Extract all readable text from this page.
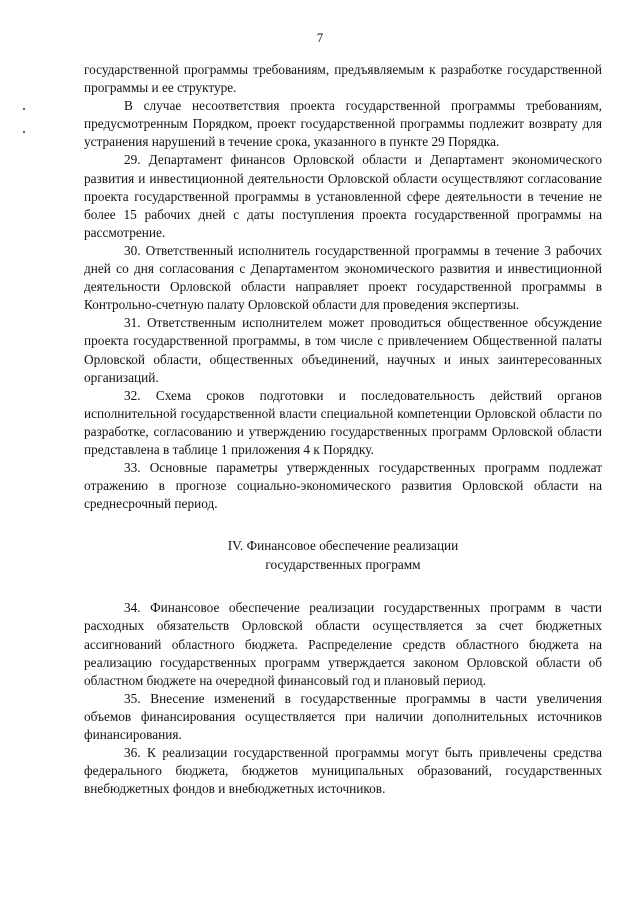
7

государственной программы требованиям, предъявляемым к разработке государственной программы и ее структуре.

В случае несоответствия проекта государственной программы требованиям, предусмотренным Порядком, проект государственной программы подлежит возврату для устранения нарушений в течение срока, указанного в пункте 29 Порядка.

29. Департамент финансов Орловской области и Департамент экономического развития и инвестиционной деятельности Орловской области осуществляют согласование проекта государственной программы в установленной сфере деятельности в течение не более 15 рабочих дней с даты поступления проекта государственной программы на рассмотрение.

30. Ответственный исполнитель государственной программы в течение 3 рабочих дней со дня согласования с Департаментом экономического развития и инвестиционной деятельности Орловской области направляет проект государственной программы в Контрольно-счетную палату Орловской области для проведения экспертизы.

31. Ответственным исполнителем может проводиться общественное обсуждение проекта государственной программы, в том числе с привлечением Общественной палаты Орловской области, общественных объединений, научных и иных заинтересованных организаций.

32. Схема сроков подготовки и последовательность действий органов исполнительной государственной власти специальной компетенции Орловской области по разработке, согласованию и утверждению государственных программ Орловской области представлена в таблице 1 приложения 4 к Порядку.

33. Основные параметры утвержденных государственных программ подлежат отражению в прогнозе социально-экономического развития Орловской области на среднесрочный период.

IV. Финансовое обеспечение реализации
государственных программ

34. Финансовое обеспечение реализации государственных программ в части расходных обязательств Орловской области осуществляется за счет бюджетных ассигнований областного бюджета. Распределение средств областного бюджета на реализацию государственных программ утверждается законом Орловской области об областном бюджете на очередной финансовый год и плановый период.

35. Внесение изменений в государственные программы в части увеличения объемов финансирования осуществляется при наличии дополнительных источников финансирования.

36. К реализации государственной программы могут быть привлечены средства федерального бюджета, бюджетов муниципальных образований, государственных внебюджетных фондов и внебюджетных источников.
